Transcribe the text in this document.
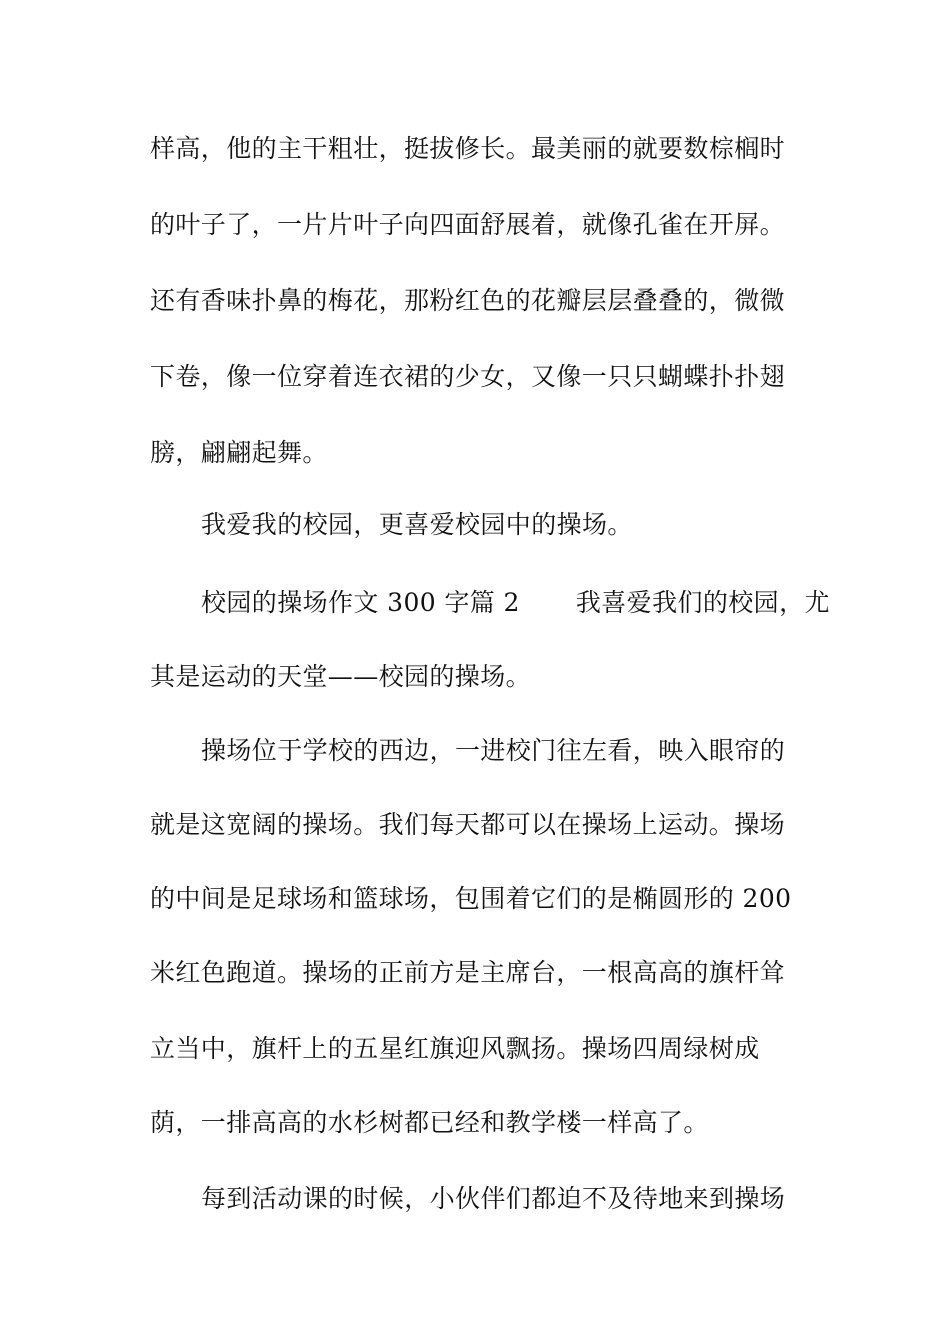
样高，他的主干粗壮，挺拔修长。最美丽的就要数棕榈时
的叶子了，一片片叶子向四面舒展着，就像孔雀在开屏。
还有香味扑鼻的梅花，那粉红色的花瓣层层叠叠的，微微
下卷，像一位穿着连衣裙的少女，又像一只只蝴蝶扑扑翅
膀，翩翩起舞。
我爱我的校园，更喜爱校园中的操场。
校园的操场作文 300 字篇 2 我喜爱我们的校园，尤
其是运动的天堂——校园的操场。
操场位于学校的西边，一进校门往左看，映入眼帘的
就是这宽阔的操场。我们每天都可以在操场上运动。操场
的中间是足球场和篮球场，包围着它们的是椭圆形的 200
米红色跑道。操场的正前方是主席台，一根高高的旗杆耸
立当中，旗杆上的五星红旗迎风飘扬。操场四周绿树成
荫，一排高高的水杉树都已经和教学楼一样高了。
每到活动课的时候，小伙伴们都迫不及待地来到操场
